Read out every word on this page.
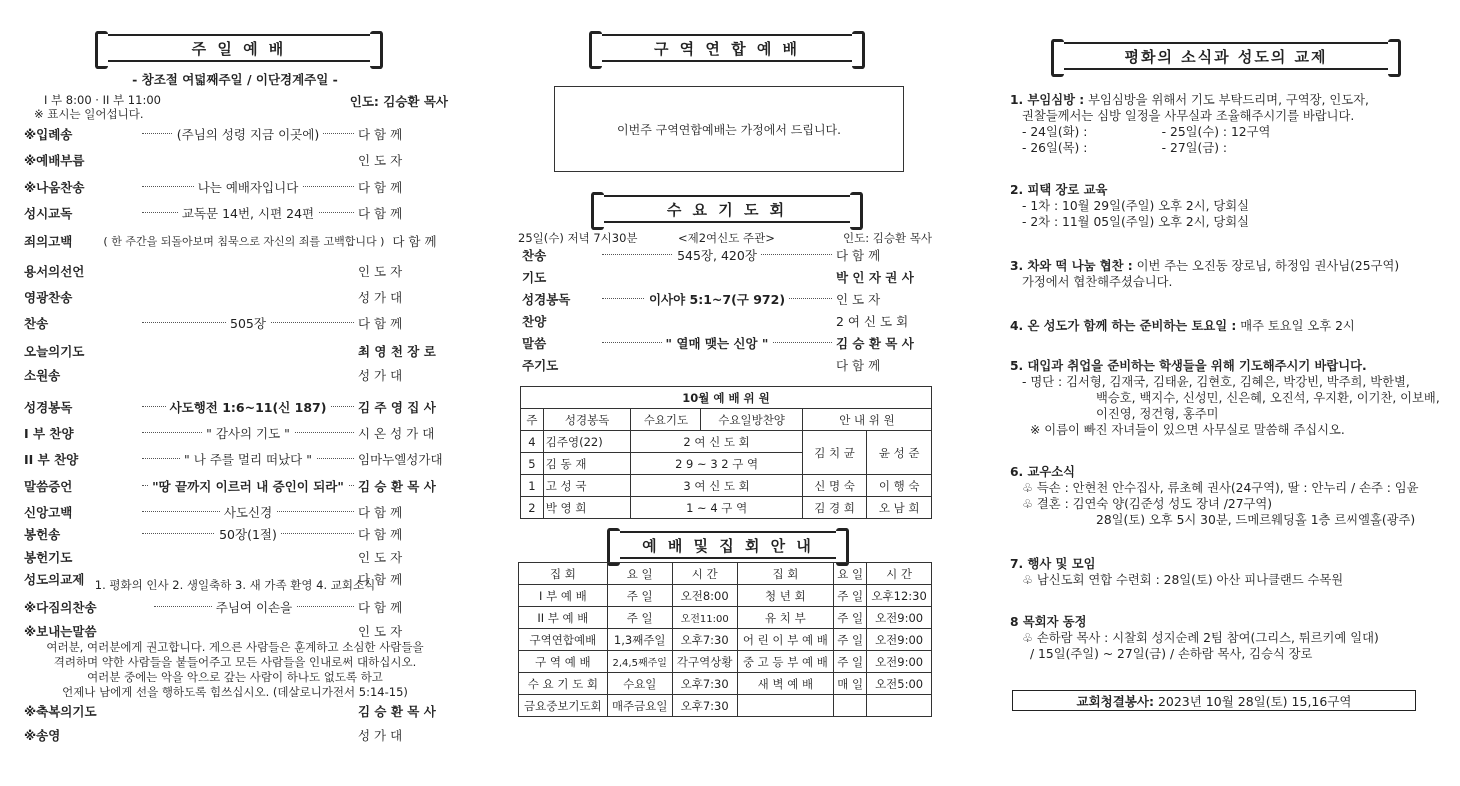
주 일 예 배
- 창조절 여덟째주일 / 이단경계주일 -
I 부 8:00 · II 부 11:00	인도: 김승환 목사
※ 표시는 일어섭니다.
※입례송	(주님의 성령 지금 이곳에)	다 함 께
※예배부름	인 도 자
※나움찬송	나는 예배자입니다	다 함 께
성시교독	교독문 14번, 시편 24편	다 함 께
죄의고백	( 한 주간을 되돌아보며 침묵으로 자신의 죄를 고백합니다 ) 다 함 께
용서의선언	인 도 자
영광찬송	성 가 대
찬송	505장	다 함 께
오늘의기도	최 영 천 장 로
소원송	성 가 대
성경봉독	사도행전 1:6~11(신 187)	김 주 영 집 사
I 부 찬양	" 감사의 기도 "	시 온 성 가 대
II 부 찬양	" 나 주를 멀리 떠났다 "	임마누엘성가대
말씀증언	"땅 끝까지 이르러 내 증인이 되라"	김 승 환 목 사
신앙고백	사도신경	다 함 께
봉헌송	50장(1절)	다 함 께
봉헌기도	인 도 자
성도의교제	다 함 께
1. 평화의 인사 2. 생일축하 3. 새 가족 환영 4. 교회소식
※다짐의찬송	주님여 이손을	다 함 께
※보내는말씀	인 도 자
여러분, 여러분에게 권고합니다. 게으른 사람들은 훈계하고 소심한 사람들을
격려하며 약한 사람들을 붙들어주고 모든 사람들을 인내로써 대하십시오.
여러분 중에는 악을 악으로 갚는 사람이 하나도 없도록 하고
언제나 남에게 선을 행하도록 힘쓰십시오. (데살로니가전서 5:14-15)
※축복의기도	김 승 환 목 사
※송영	성 가 대
구 역 연 합 예 배
이번주 구역연합예배는 가정에서 드립니다.
수 요 기 도 회
25일(수) 저녁 7시30분	<제2여신도 주관>	인도: 김승환 목사
찬송	545장, 420장	다 함 께
기도	박 인 자 권 사
성경봉독	이사야 5:1~7(구 972)	인 도 자
찬양	2 여 신 도 회
말씀	" 열매 맺는 신앙 "	김 승 환 목 사
주기도	다 함 께
10월 예 배 위 원					
주	성경봉독	수요기도	수요일방찬양	안 내 위 원	
4	김주영(22)	2 여 신 도 회		김 치 균	윤 성 준
5	김 동 재	2 9 ~ 3 2 구 역			
1	고 성 국	3 여 신 도 회		신 명 숙	이 행 숙
2	박 영 희	1 ~ 4 구 역		김 경 희	오 남 희
예 배 및 집 회 안 내
집 회	요 일	시 간	집 회	요 일	시 간
I 부 예 배	주 일	오전8:00	청 년 회	주 일	오후12:30
II 부 예 배	주 일	오전11:00	유 치 부	주 일	오전9:00
구역연합예배	1,3째주일	오후7:30	어 린 이 부 예 배	주 일	오전9:00
구 역 예 배	2,4,5째주일	각구역상황	중 고 등 부 예 배	주 일	오전9:00
수 요 기 도 회	수요일	오후7:30	새 벽 예 배	매 일	오전5:00
금요중보기도회	매주금요일	오후7:30			
평화의 소식과 성도의 교제
1. 부임심방 : 부임심방을 위해서 기도 부탁드리며, 구역장, 인도자,
권찰들께서는 심방 일정을 사무실과 조율해주시기를 바랍니다.
- 24일(화) :                   - 25일(수) : 12구역
- 26일(목) :                   - 27일(금) :
2. 피택 장로 교육
- 1차 : 10월 29일(주일) 오후 2시, 당회실
- 2차 : 11월 05일(주일) 오후 2시, 당회실
3. 차와 떡 나눔 협찬 : 이번 주는 오진동 장로님, 하정임 권사님(25구역)
가정에서 협찬해주셨습니다.
4. 온 성도가 함께 하는 준비하는 토요일 : 매주 토요일 오후 2시
5. 대입과 취업을 준비하는 학생들을 위해 기도해주시기 바랍니다.
- 명단 : 김서형, 김재국, 김태윤, 김현호, 김혜은, 박강빈, 박주희, 박한별,
백승호, 백지수, 신성민, 신은혜, 오진석, 우지환, 이기찬, 이보배,
이진영, 정건형, 홍주미
※ 이름이 빠진 자녀들이 있으면 사무실로 말씀해 주십시오.
6. 교우소식
♧ 득손 : 안현천 안수집사, 류초혜 권사(24구역), 딸 : 안누리 / 손주 : 임윤
♧ 결혼 : 김연숙 양(김준성 성도 장녀 /27구역)
28일(토) 오후 5시 30분, 드메르웨딩홀 1층 르씨엘홀(광주)
7. 행사 및 모임
♧ 남신도회 연합 수련회 : 28일(토) 아산 피나클랜드 수목원
8 목회자 동정
♧ 손하람 목사 : 시찰회 성지순례 2팀 참여(그리스, 튀르키예 일대)
/ 15일(주일) ~ 27일(금) / 손하람 목사, 김승식 장로
교회청결봉사:
2023년 10월 28일(토) 15,16구역
